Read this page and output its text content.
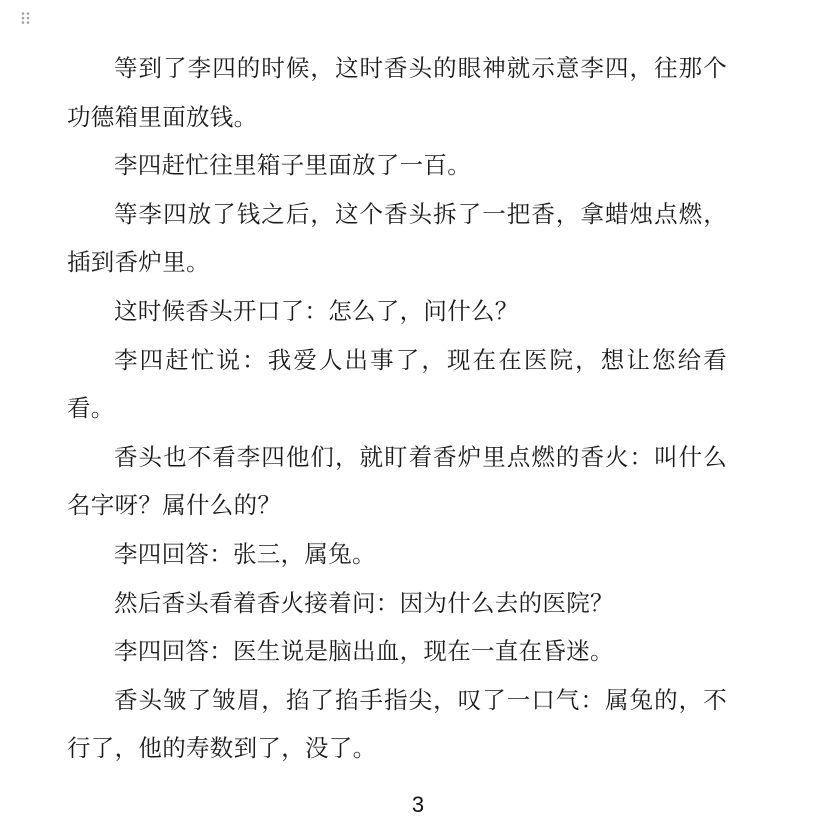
等到了李四的时候，这时香头的眼神就示意李四，往那个功德箱里面放钱。

李四赶忙往里箱子里面放了一百。

等李四放了钱之后，这个香头拆了一把香，拿蜡烛点燃，插到香炉里。

这时候香头开口了：怎么了，问什么？

李四赶忙说：我爱人出事了，现在在医院，想让您给看看。

香头也不看李四他们，就盯着香炉里点燃的香火：叫什么名字呀？属什么的？

李四回答：张三，属兔。

然后香头看着香火接着问：因为什么去的医院？

李四回答：医生说是脑出血，现在一直在昏迷。

香头皱了皱眉，掐了掐手指尖，叹了一口气：属兔的，不行了，他的寿数到了，没了。

3
